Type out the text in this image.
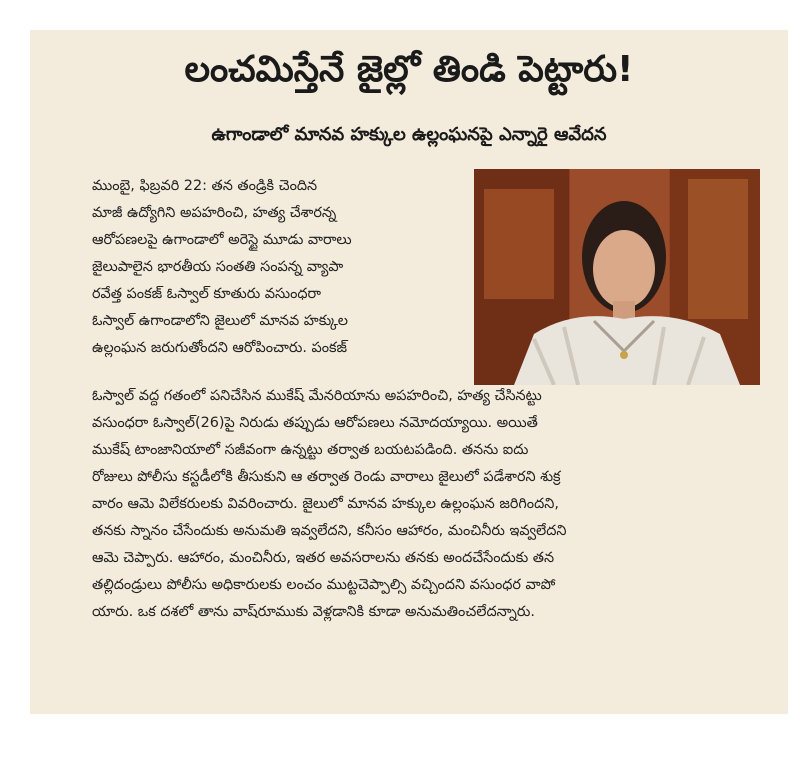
లంచమిస్తేనే జైల్లో తిండి పెట్టారు!
ఉగాండాలో మానవ హక్కుల ఉల్లంఘనపై ఎన్నారై ఆవేదన
ముంబై, ఫిబ్రవరి 22: తన తండ్రికి చెందిన
మాజీ ఉద్యోగిని అపహరించి, హత్య చేశారన్న
ఆరోపణలపై ఉగాండాలో అరెస్టై మూడు వారాలు
జైలుపాలైన భారతీయ సంతతి సంపన్న వ్యాపా
రవేత్త పంకజ్ ఓస్వాల్ కూతురు వసుంధరా
ఓస్వాల్ ఉగాండాలోని జైలులో మానవ హక్కుల
ఉల్లంఘన జరుగుతోందని ఆరోపించారు. పంకజ్
ఓస్వాల్ వద్ద గతంలో పనిచేసిన ముకేష్ మేనరియాను అపహరించి, హత్య చేసినట్టు
వసుంధరా ఓస్వాల్(26)పై నిరుడు తప్పుడు ఆరోపణలు నమోదయ్యాయి. అయితే
ముకేష్ టాంజానియాలో సజీవంగా ఉన్నట్టు తర్వాత బయటపడింది. తనను ఐదు
రోజులు పోలీసు కస్టడీలోకి తీసుకుని ఆ తర్వాత రెండు వారాలు జైలులో పడేశారని శుక్ర
వారం ఆమె విలేకరులకు వివరించారు. జైలులో మానవ హక్కుల ఉల్లంఘన జరిగిందని,
తనకు స్నానం చేసేందుకు అనుమతి ఇవ్వలేదని, కనీసం ఆహారం, మంచినీరు ఇవ్వలేదని
ఆమె చెప్పారు. ఆహారం, మంచినీరు, ఇతర అవసరాలను తనకు అందచేసేందుకు తన
తల్లిదండ్రులు పోలీసు అధికారులకు లంచం ముట్టచెప్పాల్సి వచ్చిందని వసుంధర వాపో
యారు. ఒక దశలో తాను వాష్‌రూముకు వెళ్లడానికి కూడా అనుమతించలేదన్నారు.
